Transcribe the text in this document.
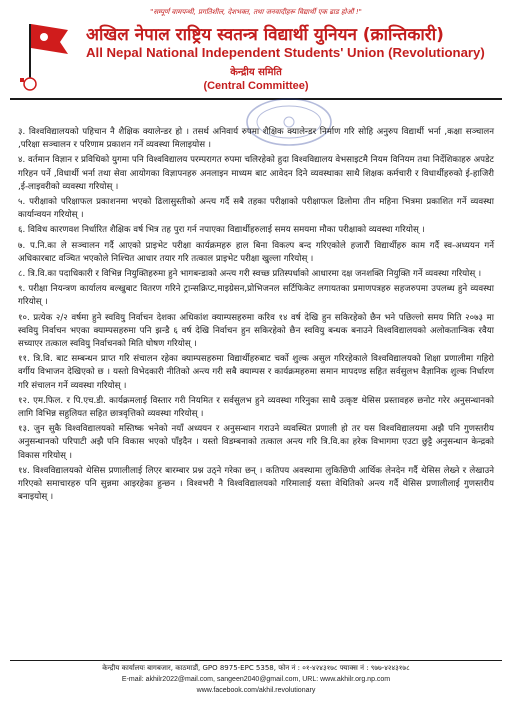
"सम्पूर्ण वामपन्थी, प्रगतिशील, देशभक्त, तथा जनवादीहरू विद्यार्थी एक ढाड होऔं !"
अखिल नेपाल राष्ट्रिय स्वतन्त्र विद्यार्थी युनियन (क्रान्तिकारी)
All Nepal National Independent Students' Union (Revolutionary)
केन्द्रीय समिति
(Central Committee)

३. विश्वविद्यालयको पहिचान नै शैक्षिक क्यालेन्डर हो । तसर्थ अनिवार्य रुपमा शैक्षिक क्यालेन्डर निर्माण गरि सोहि अनुरुप विद्यार्थी भर्ना ,कक्षा सञ्चालन ,परिक्षा सञ्चालन र परिणाम प्रकाशन गर्ने व्यवस्था मिलाइयोस ।

४. वर्तमान विज्ञान र प्रविधिको युगमा पनि विश्वविद्यालय परम्परागत रुपमा चलिरहेको हुदा विश्वविद्यालय वेभसाइटमै नियम विनियम तथा निर्देशिकाहरु अपडेट गरिहन पर्ने ,विधार्थी भर्ना तथा सेवा आयोगका विज्ञापनहरु अनलाइन माध्यम बाट आवेदन दिने व्यवस्थाका साथै शिक्षक कर्मचारी र विधार्थीहरुको ई-हाजिरी ,ई-लाइवरीको व्यवस्था गरियोस् ।

५. परीक्षाको परिक्षाफल प्रकाशनमा भएको ढिलासुस्तीको अन्त्य गर्दै सबै तहका परीक्षाको परीक्षाफल ढिलोमा तीन महिना भित्रमा प्रकाशित गर्ने व्यवस्था कार्यान्वयन गरियोस् ।

६. विविध कारणवश निर्धारित शैक्षिक वर्ष भित्र तह पुरा गर्न नपाएका विद्यार्थीहरुलाई समय समयमा मौका परीक्षाको व्यवस्था गरियोस् ।

७. प.नि.का ले सञ्चालन गर्दै आएको प्राइभेट परीक्षा कार्यक्रमहरु हाल बिना विकल्प बन्द गरिएकोले हजारौं विद्यार्थीहरु काम गर्दै स्व-अध्ययन गर्ने अधिकारबाट वञ्चित भएकोले निश्चित आधार तयार गरि तत्काल प्राइभेट परीक्षा खुल्ला गरियोस् ।

८. त्रि.वि.का पदाधिकारी र विभिन्न नियुक्तिहरुमा हुने भागबन्डाको अन्त्य गरी स्वच्छ प्रतिस्पर्धाको आधारमा दक्ष जनशक्ति नियुक्ति गर्ने व्यवस्था गरियोस् ।

९. परीक्षा नियन्त्रण कार्यालय बल्खुबाट वितरण गरिने ट्रान्सक्रिप्ट,माइग्रेसन,प्रोभिजनल सर्टिफिकेट लगायतका प्रमाणपत्रहरु सहजरुपमा उपलब्ध हुने व्यवस्था गरियोस् ।

१०. प्रत्येक २/२ वर्षमा हुने स्ववियु निर्वाचन देशका अधिकांश क्याम्पसहरुमा करिव १४ वर्ष देखि हुन सकिरहेको छैन भने पछिल्लो समय मिति २०७३ मा स्ववियु निर्वाचन भएका क्याम्पसहरुमा पनि झन्डै ६ वर्ष देखि निर्वाचन हुन सकिरहेको छैन स्ववियु बन्धक बनाउने विश्वविद्यालयको अलोकतान्त्रिक रवैया सच्याएर तत्काल स्ववियु निर्वाचनको मिति घोषण गरियोस् ।

११. त्रि.वि. बाट सम्बन्धन प्राप्त गरि संचालन रहेका क्याम्पसहरुमा विद्यार्थीहरुबाट चर्को शुल्क असुल गरिरहेकाले विश्वविद्यालयको शिक्षा प्रणालीमा गहिरो वर्गीय विभाजन देखिएको छ । यस्तो विभेदकारी नीतिको अन्त्य गरी सबै क्याम्पस र कार्यक्रमहरुमा समान मापदण्ड सहित सर्वसुलभ वैज्ञानिक शुल्क निर्धारण गरि संचालन गर्ने व्यवस्था गरियोस् ।

१२. एम.फिल. र पि.एच.डी. कार्यक्रमलाई विस्तार गरी नियमित र सर्वसुलभ हुने व्यवस्था गरिनुका साथै उत्कृष्ट थेसिस प्रस्तावहरु छनोट गरेर अनुसन्धानको लागि विभिन्न सहुलियत सहित छात्रवृत्तिको व्यवस्था गरियोस् ।

१३. जुन सुकै विश्वविद्यालयको मस्तिष्क भनेको नयाँ अध्ययन र अनुसन्धान गराउने व्यवस्थित प्रणाली हो तर यस विश्वविद्यालयमा अझै पनि गुणस्तरीय अनुसन्धानको परिपाटी अझै पनि विकास भएको पाँइदैन । यस्तो विडम्बनाको तत्काल अन्त्य गरि त्रि.वि.का हरेक विभागमा एउटा छुट्टै अनुसन्धान केन्द्रको विकास गरियोस् ।

१४. विश्वविद्यालयको थेसिस प्रणालीलाई लिएर बारम्बार प्रश्न उठ्ने गरेका छन् । कतिपय अवस्थामा लुकिछिपी आर्थिक लेनदेन गर्दै थेसिस लेख्ने र लेखाउने गरिएको समाचारहरु पनि सुन्नमा आइरहेका हुन्छन । विश्वभरी नै विश्वविद्यालयको गरिमालाई यस्ता वेथितिको अन्त्य गर्दै थेसिस प्रणालीलाई गुणस्तरीय बनाइयोस् ।

केन्द्रीय कार्यालयः बागबजार, काठमाडौं, GPO 8975-EPC 5358, फोन नं : ०१-४२४३१७८ फ्याक्स नं : ९७७-४२४३१७८
E-mail: akhilr2022@mail.com, sangeen2040@gmail.com, URL: www.akhilr.org.np.com
www.facebook.com/akhil.revolutionary
